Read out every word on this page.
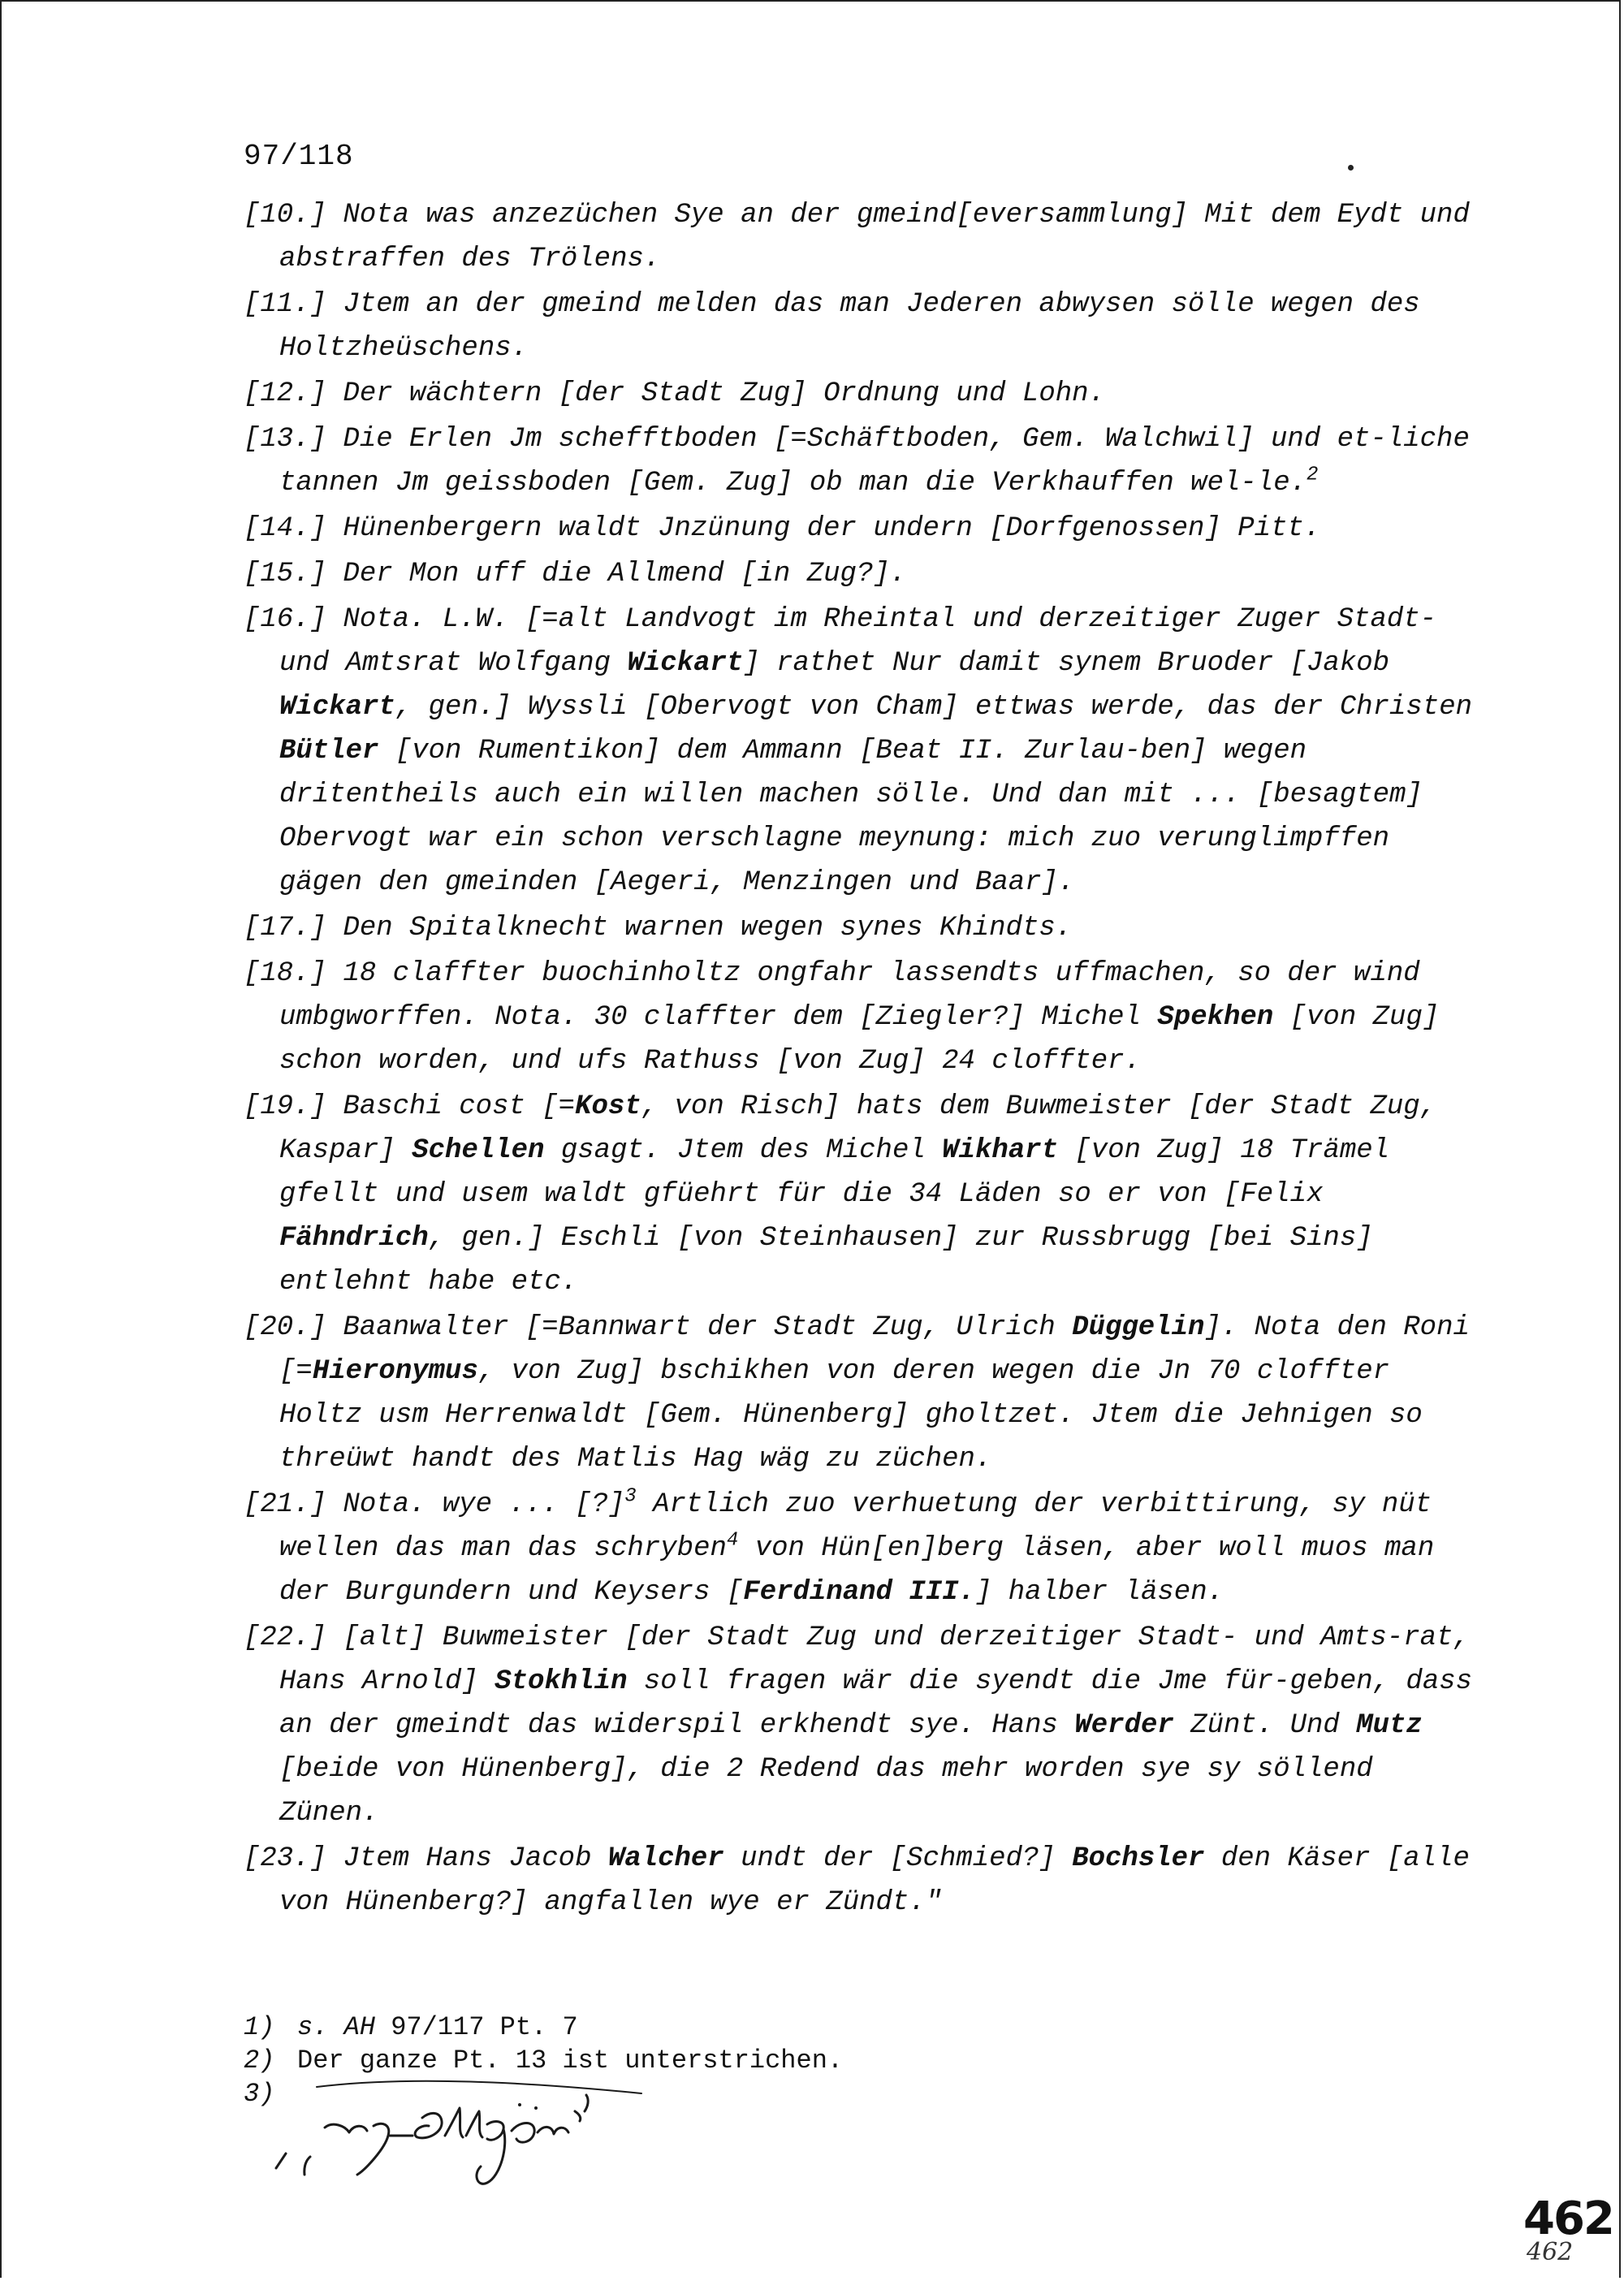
97/118

[10.] Nota was anzezüchen Sye an der gmeind[eversammlung] Mit dem Eydt und abstraffen des Trölens.

[11.] Jtem an der gmeind melden das man Jederen abwysen sölle wegen des Holtzheüschens.

[12.] Der wächtern [der Stadt Zug] Ordnung und Lohn.

[13.] Die Erlen Jm schefftboden [=Schäftboden, Gem. Walchwil] und et-liche tannen Jm geissboden [Gem. Zug] ob man die Verkhauffen wel-le.$^2$

[14.] Hünenbergern waldt Jnzünung der undern [Dorfgenossen] Pitt.

[15.] Der Mon uff die Allmend [in Zug?].

[16.] Nota. L.W. [=alt Landvogt im Rheintal und derzeitiger Zuger Stadt- und Amtsrat Wolfgang Wickart] rathet Nur damit synem Bruoder [Jakob Wickart, gen.] Wyssli [Obervogt von Cham] ettwas werde, das der Christen Bütler [von Rumentikon] dem Ammann [Beat II. Zurlau-ben] wegen dritentheils auch ein willen machen sölle. Und dan mit ... [besagtem] Obervogt war ein schon verschlagne meynung: mich zuo verunglimpffen gägen den gmeinden [Aegeri, Menzingen und Baar].

[17.] Den Spitalknecht warnen wegen synes Khindts.

[18.] 18 claffter buochinholtz ongfahr lassendts uffmachen, so der wind umbgworffen. Nota. 30 claffter dem [Ziegler?] Michel Spekhen [von Zug] schon worden, und ufs Rathuss [von Zug] 24 cloffter.

[19.] Baschi cost [=Kost, von Risch] hats dem Buwmeister [der Stadt Zug, Kaspar] Schellen gsagt. Jtem des Michel Wikhart [von Zug] 18 Trämel gfellt und usem waldt gfüehrt für die 34 Läden so er von [Felix Fähndrich, gen.] Eschli [von Steinhausen] zur Russbrugg [bei Sins] entlehnt habe etc.

[20.] Baanwalter [=Bannwart der Stadt Zug, Ulrich Düggelin]. Nota den Roni [=Hieronymus, von Zug] bschikhen von deren wegen die Jn 70 cloffter Holtz usm Herrenwaldt [Gem. Hünenberg] gholtzet. Jtem die Jehnigen so threüwt handt des Matlis Hag wäg zu züchen.

[21.] Nota. wye ... [?]$^3$ Artlich zuo verhuetung der verbittirung, sy nüt wellen das man das schryben$^4$ von Hün[en]berg läsen, aber woll muos man der Burgundern und Keysers [Ferdinand III.] halber läsen.

[22.] [alt] Buwmeister [der Stadt Zug und derzeitiger Stadt- und Amts-rat, Hans Arnold] Stokhlin soll fragen wär die syendt die Jme für-geben, dass an der gmeindt das widerspil erkhendt sye. Hans Werder Zünt. Und Mutz [beide von Hünenberg], die 2 Redend das mehr worden sye sy söllend Zünen.

[23.] Jtem Hans Jacob Walcher undt der [Schmied?] Bochsler den Käser [alle von Hünenberg?] angfallen wye er Zündt."

1) s. AH 97/117 Pt. 7
2) Der ganze Pt. 13 ist unterstrichen.
3)
462
462
